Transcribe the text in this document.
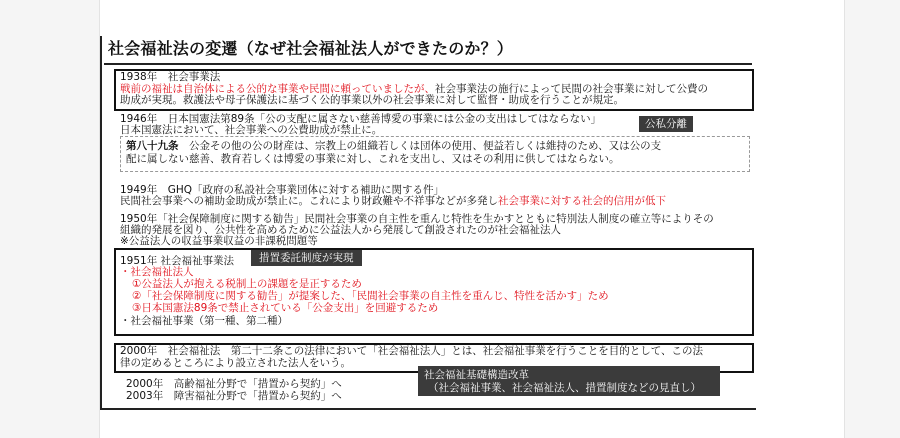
社会福祉法の変遷（なぜ社会福祉法人ができたのか？）
1938年　社会事業法
戦前の福祉は自治体による公的な事業や民間に頼っていましたが、社会事業法の施行によって民間の社会事業に対して公費の
助成が実現。救護法や母子保護法に基づく公的事業以外の社会事業に対して監督・助成を行うことが規定。
1946年　日本国憲法第89条「公の支配に属さない慈善博愛の事業には公金の支出はしてはならない」
日本国憲法において、社会事業への公費助成が禁止に。	公私分離
第八十九条　 公金その他の公の財産は、宗教上の組織若しくは団体の使用、便益若しくは維持のため、又は公の支
配に属しない慈善、教育若しくは博愛の事業に対し、これを支出し、又はその利用に供してはならない。
1949年　GHQ「政府の私設社会事業団体に対する補助に関する件」
民間社会事業への補助金助成が禁止に。これにより財政難や不祥事などが多発し社会事業に対する社会的信用が低下
1950年「社会保障制度に関する勧告」民間社会事業の自主性を重んじ特性を生かすとともに特別法人制度の確立等によりその
組織的発展を図り、公共性を高めるために公益法人から発展して創設されたのが社会福祉法人
※公益法人の収益事業収益の非課税問題等
1951年 社会福祉事業法	措置委託制度が実現
・社会福祉法人
①公益法人が抱える税制上の課題を是正するため
②「社会保障制度に関する勧告」が提案した、「民間社会事業の自主性を重んじ、特性を活かす」ため
③日本国憲法89条で禁止されている「公金支出」を回避するため
・社会福祉事業（第一種、第二種）
2000年　社会福祉法　第二十二条この法律において「社会福祉法人」とは、社会福祉事業を行うことを目的として、この法
律の定めるところにより設立された法人をいう。
社会福祉基礎構造改革
（社会福祉事業、社会福祉法人、措置制度などの見直し）
2000年　高齢福祉分野で「措置から契約」へ
2003年　障害福祉分野で「措置から契約」へ
